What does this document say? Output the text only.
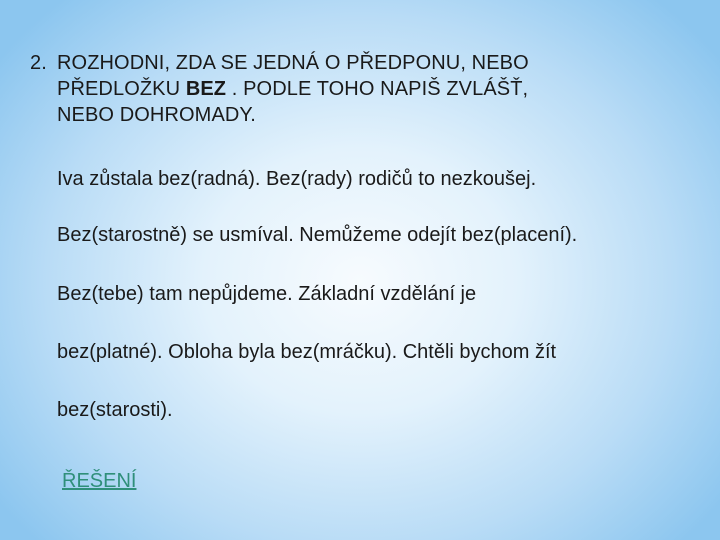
2. ROZHODNI, ZDA SE JEDNÁ O PŘEDPONU, NEBO
PŘEDLOŽKU BEZ . PODLE TOHO NAPIŠ ZVLÁŠŤ,
NEBO DOHROMADY.
Iva zůstala bez(radná). Bez(rady) rodičů to nezkoušej.
Bez(starostně) se usmíval. Nemůžeme odejít bez(placení).
Bez(tebe) tam nepůjdeme. Základní vzdělání je
bez(platné). Obloha byla bez(mráčku). Chtěli bychom žít
bez(starosti).
ŘEŠENÍ
